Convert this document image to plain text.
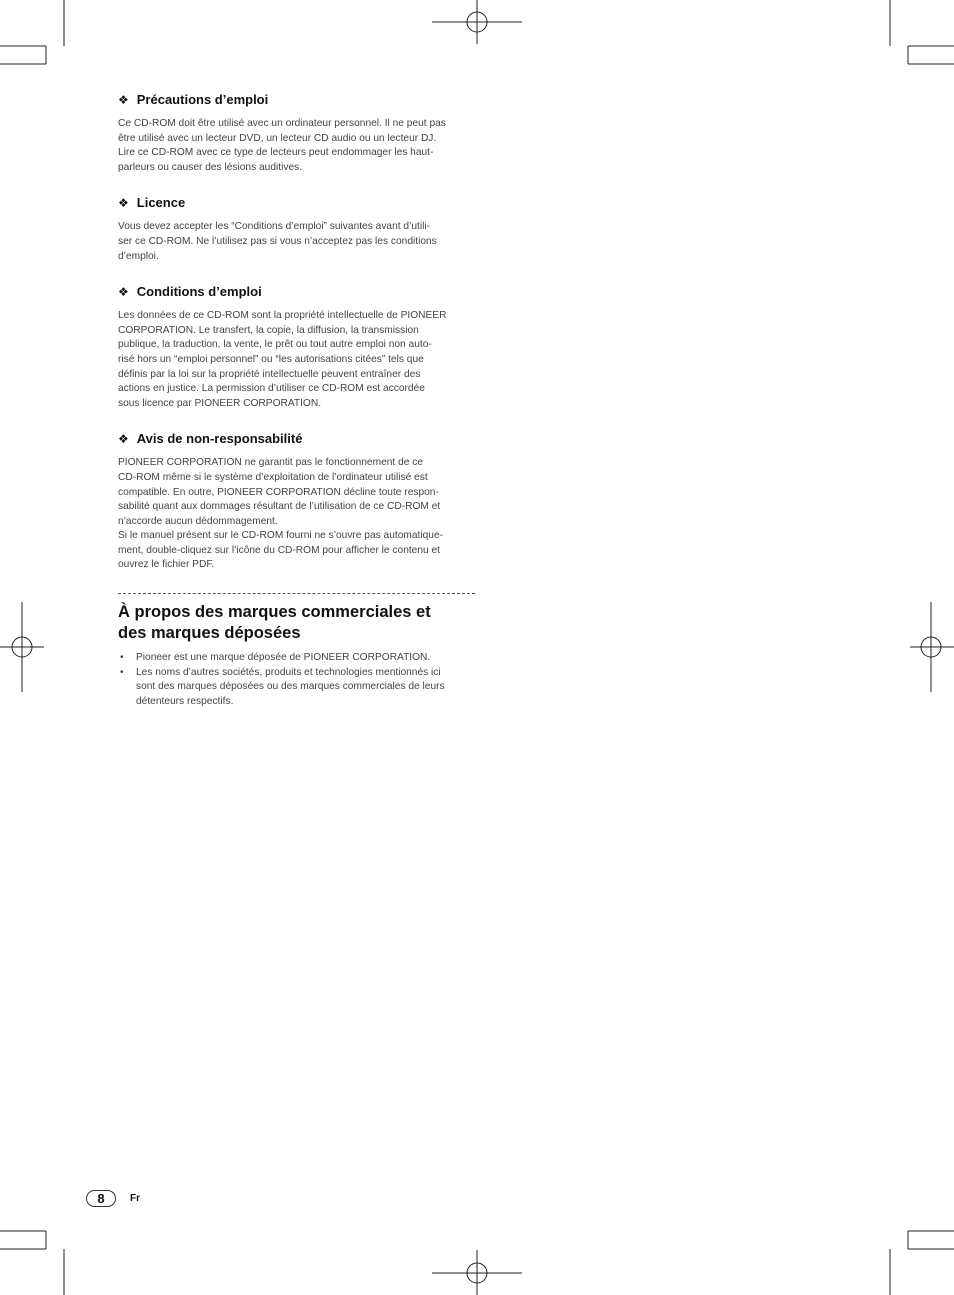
❖ Précautions d’emploi

Ce CD-ROM doit être utilisé avec un ordinateur personnel. Il ne peut pas
être utilisé avec un lecteur DVD, un lecteur CD audio ou un lecteur DJ.
Lire ce CD-ROM avec ce type de lecteurs peut endommager les haut-
parleurs ou causer des lésions auditives.

❖ Licence

Vous devez accepter les “Conditions d’emploi” suivantes avant d’utili-
ser ce CD-ROM. Ne l’utilisez pas si vous n’acceptez pas les conditions
d’emploi.

❖ Conditions d’emploi

Les données de ce CD-ROM sont la propriété intellectuelle de PIONEER
CORPORATION. Le transfert, la copie, la diffusion, la transmission
publique, la traduction, la vente, le prêt ou tout autre emploi non auto-
risé hors un “emploi personnel” ou “les autorisations citées” tels que
définis par la loi sur la propriété intellectuelle peuvent entraîner des
actions en justice. La permission d’utiliser ce CD-ROM est accordée
sous licence par PIONEER CORPORATION.

❖ Avis de non-responsabilité

PIONEER CORPORATION ne garantit pas le fonctionnement de ce
CD-ROM même si le système d’exploitation de l’ordinateur utilisé est
compatible. En outre, PIONEER CORPORATION décline toute respon-
sabilité quant aux dommages résultant de l’utilisation de ce CD-ROM et
n’accorde aucun dédommagement.
Si le manuel présent sur le CD-ROM fourni ne s’ouvre pas automatique-
ment, double-cliquez sur l’icône du CD-ROM pour afficher le contenu et
ouvrez le fichier PDF.

À propos des marques commerciales et
des marques déposées
• Pioneer est une marque déposée de PIONEER CORPORATION.
• Les noms d’autres sociétés, produits et technologies mentionnés ici
sont des marques déposées ou des marques commerciales de leurs
détenteurs respectifs.
8	Fr
